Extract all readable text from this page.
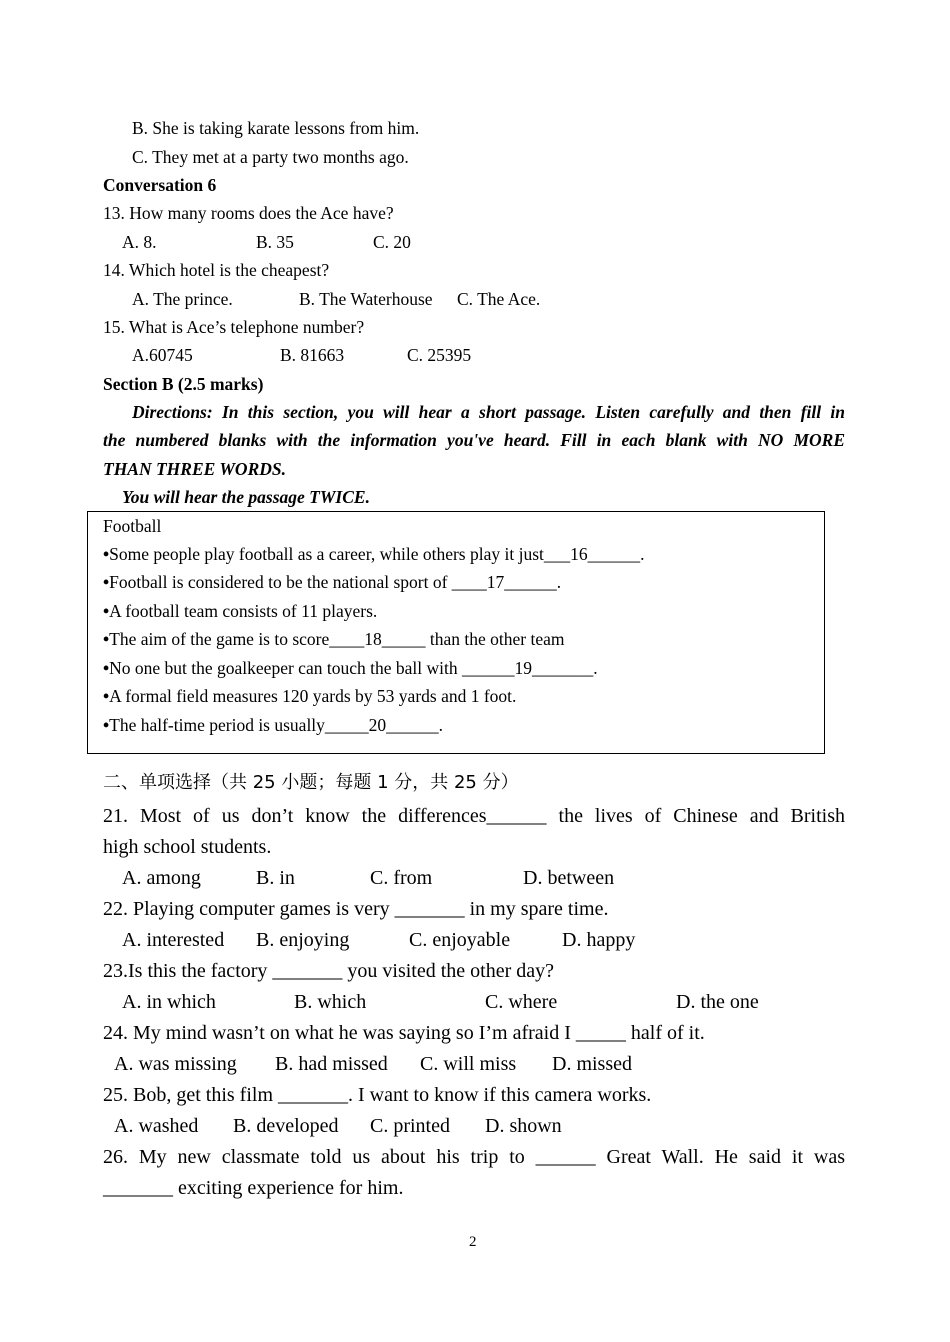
B. She is taking karate lessons from him.
C. They met at a party two months ago.
Conversation 6
13. How many rooms does the Ace have?
A. 8.	B. 35	C. 20
14. Which hotel is the cheapest?
A. The prince.	B. The Waterhouse C. The Ace.
15. What is Ace’s telephone number?
A.60745	B. 81663	C. 25395
Section B (2.5 marks)
Directions: In this section, you will hear a short passage. Listen carefully and then fill in
the numbered blanks with the information you've heard. Fill in each blank with NO MORE
THAN THREE WORDS.
You will hear the passage TWICE.
Football
• Some people play football as a career, while others play it just___16______.
• Football is considered to be the national sport of ____17______.
• A football team consists of 11 players.
• The aim of the game is to score____18_____ than the other team
• No one but the goalkeeper can touch the ball with ______19_______.
• A formal field measures 120 yards by 53 yards and 1 foot.
• The half-time period is usually_____20______.
二、单项选择（共 25 小题；每题 1 分，共 25 分）
21. Most of us don’t know the differences______ the lives of Chinese and British
high school students.
A. among	B. in	C. from	D. between
22. Playing computer games is very _______ in my spare time.
A. interested B. enjoying	C. enjoyable	D. happy
23.Is this the factory _______ you visited the other day?
A. in which	B. which	C. where	D. the one
24. My mind wasn’t on what he was saying so I’m afraid I _____ half of it.
A. was missing B. had missed C. will miss D. missed
25. Bob, get this film _______. I want to know if this camera works.
A. washed B. developed C. printed D. shown
26. My new classmate told us about his trip to ______ Great Wall. He said it was
_______ exciting experience for him.
2
